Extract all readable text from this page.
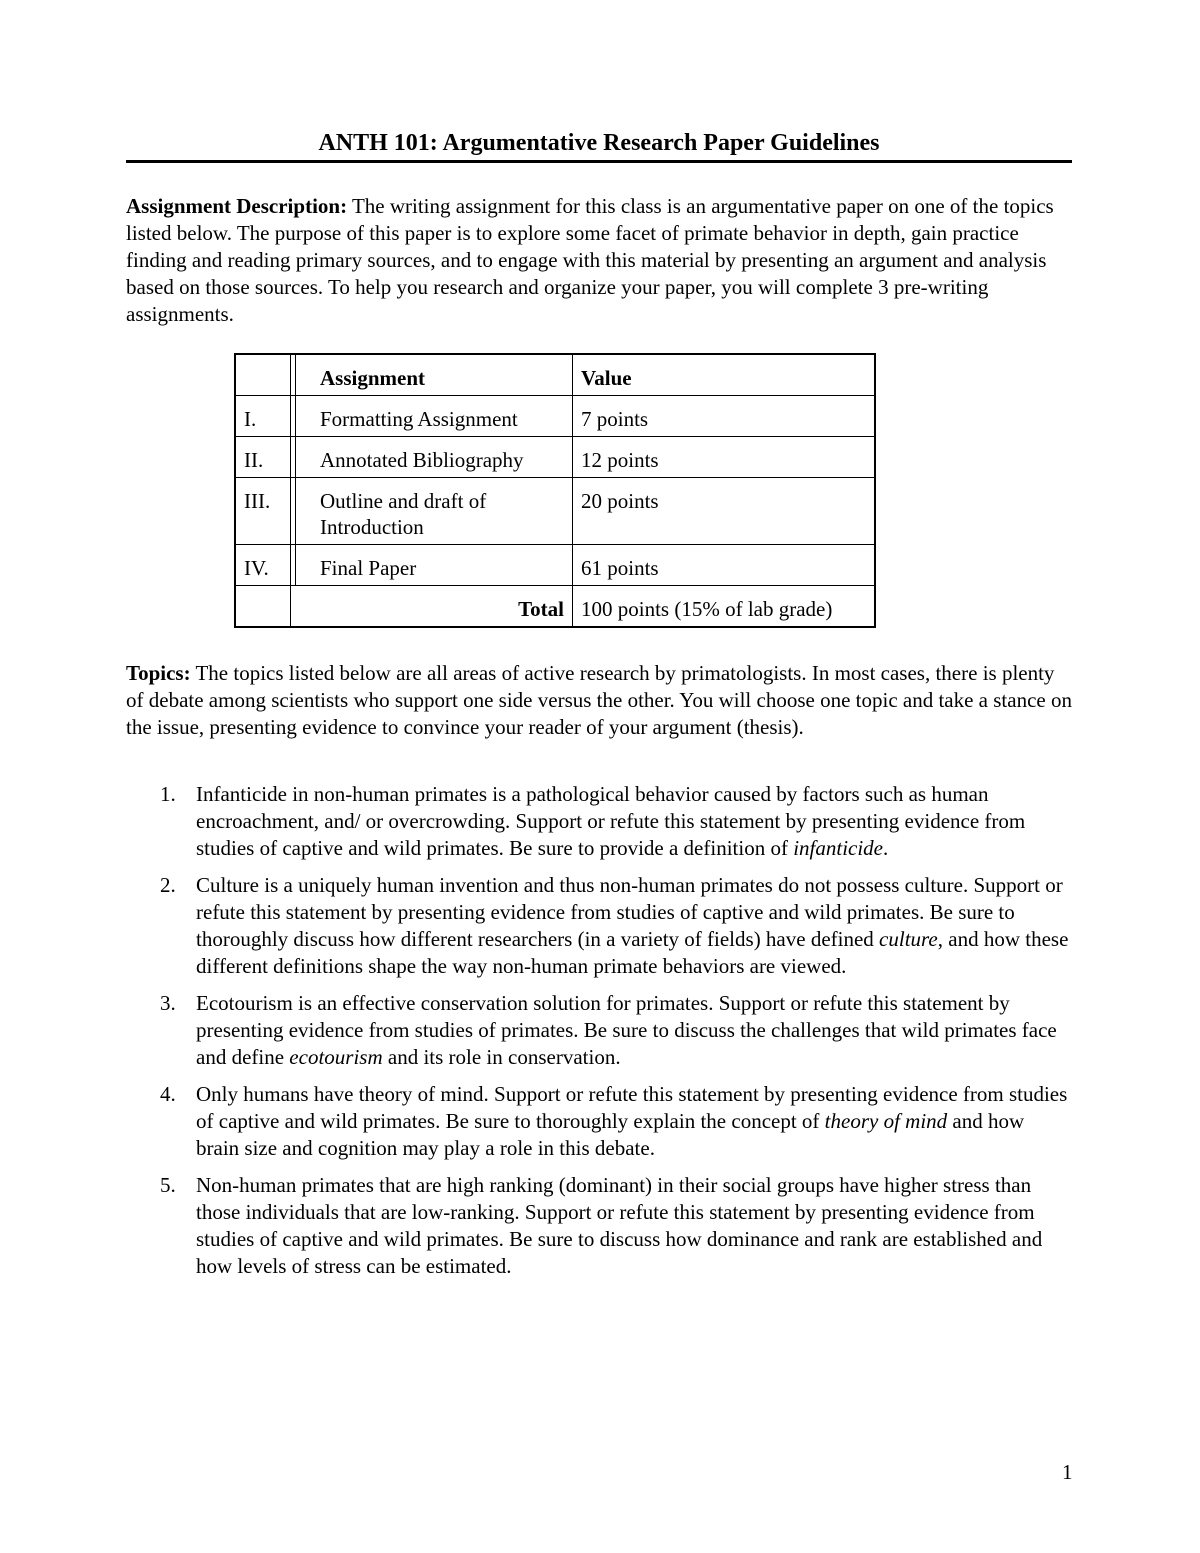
ANTH 101: Argumentative Research Paper Guidelines

Assignment Description: The writing assignment for this class is an argumentative paper on one of the topics listed below. The purpose of this paper is to explore some facet of primate behavior in depth, gain practice finding and reading primary sources, and to engage with this material by presenting an argument and analysis based on those sources. To help you research and organize your paper, you will complete 3 pre-writing assignments.

		Assignment	Value
I.		Formatting Assignment	7 points
II.		Annotated Bibliography	12 points
III.		Outline and draft of Introduction	20 points
IV.		Final Paper	61 points
	Total		100 points (15% of lab grade)

Topics: The topics listed below are all areas of active research by primatologists. In most cases, there is plenty of debate among scientists who support one side versus the other. You will choose one topic and take a stance on the issue, presenting evidence to convince your reader of your argument (thesis).

1. Infanticide in non-human primates is a pathological behavior caused by factors such as human encroachment, and/ or overcrowding. Support or refute this statement by presenting evidence from studies of captive and wild primates. Be sure to provide a definition of infanticide.
2. Culture is a uniquely human invention and thus non-human primates do not possess culture. Support or refute this statement by presenting evidence from studies of captive and wild primates. Be sure to thoroughly discuss how different researchers (in a variety of fields) have defined culture, and how these different definitions shape the way non-human primate behaviors are viewed.
3. Ecotourism is an effective conservation solution for primates. Support or refute this statement by presenting evidence from studies of primates. Be sure to discuss the challenges that wild primates face and define ecotourism and its role in conservation.
4. Only humans have theory of mind. Support or refute this statement by presenting evidence from studies of captive and wild primates. Be sure to thoroughly explain the concept of theory of mind and how brain size and cognition may play a role in this debate.
5. Non-human primates that are high ranking (dominant) in their social groups have higher stress than those individuals that are low-ranking. Support or refute this statement by presenting evidence from studies of captive and wild primates. Be sure to discuss how dominance and rank are established and how levels of stress can be estimated.
1
